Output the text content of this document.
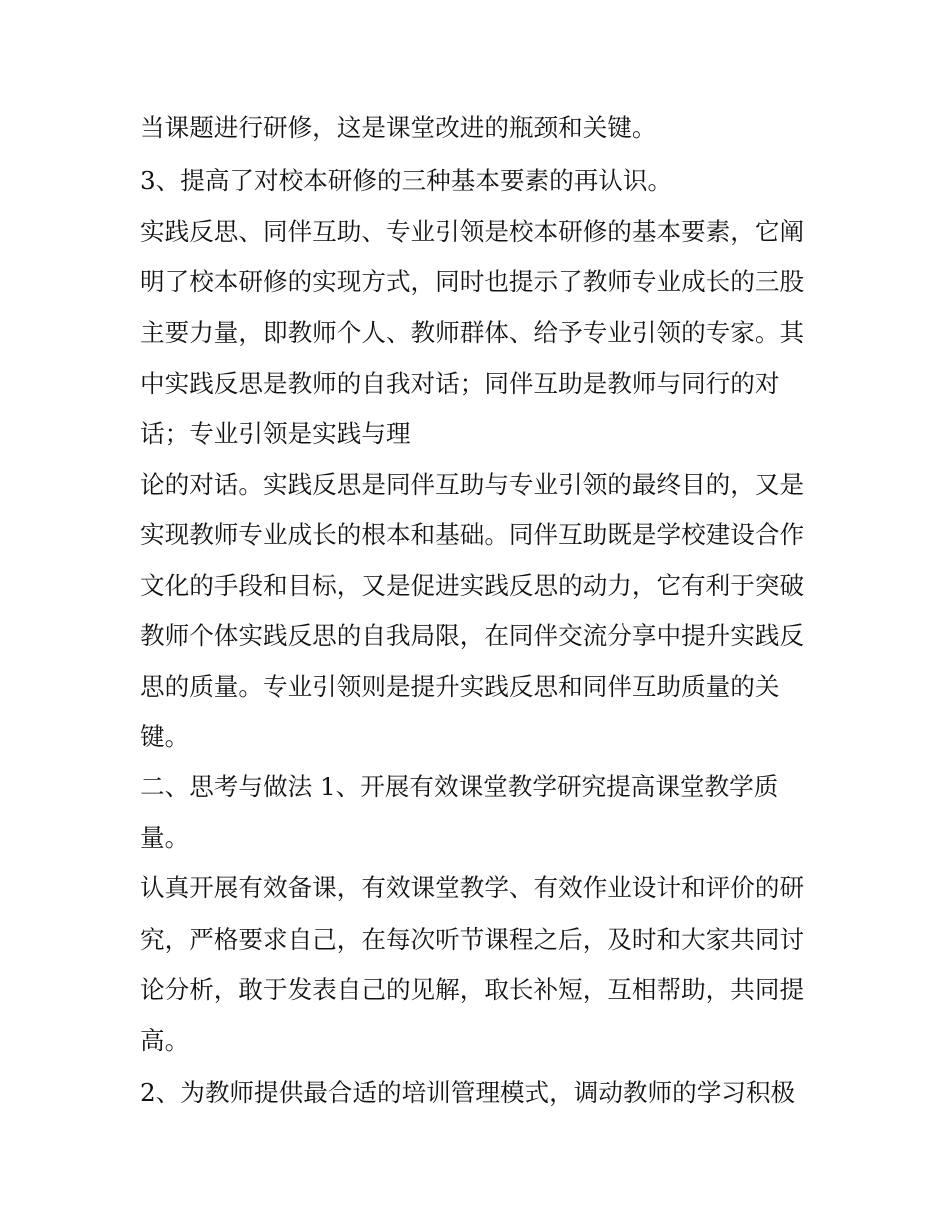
当课题进行研修，这是课堂改进的瓶颈和关键。
3、提高了对校本研修的三种基本要素的再认识。
实践反思、同伴互助、专业引领是校本研修的基本要素，它阐
明了校本研修的实现方式，同时也提示了教师专业成长的三股
主要力量，即教师个人、教师群体、给予专业引领的专家。其
中实践反思是教师的自我对话；同伴互助是教师与同行的对
话；专业引领是实践与理
论的对话。实践反思是同伴互助与专业引领的最终目的，又是
实现教师专业成长的根本和基础。同伴互助既是学校建设合作
文化的手段和目标，又是促进实践反思的动力，它有利于突破
教师个体实践反思的自我局限，在同伴交流分享中提升实践反
思的质量。专业引领则是提升实践反思和同伴互助质量的关
键。
二、思考与做法 1、开展有效课堂教学研究提高课堂教学质
量。
认真开展有效备课，有效课堂教学、有效作业设计和评价的研
究，严格要求自己，在每次听节课程之后，及时和大家共同讨
论分析，敢于发表自己的见解，取长补短，互相帮助，共同提
高。
2、为教师提供最合适的培训管理模式，调动教师的学习积极
